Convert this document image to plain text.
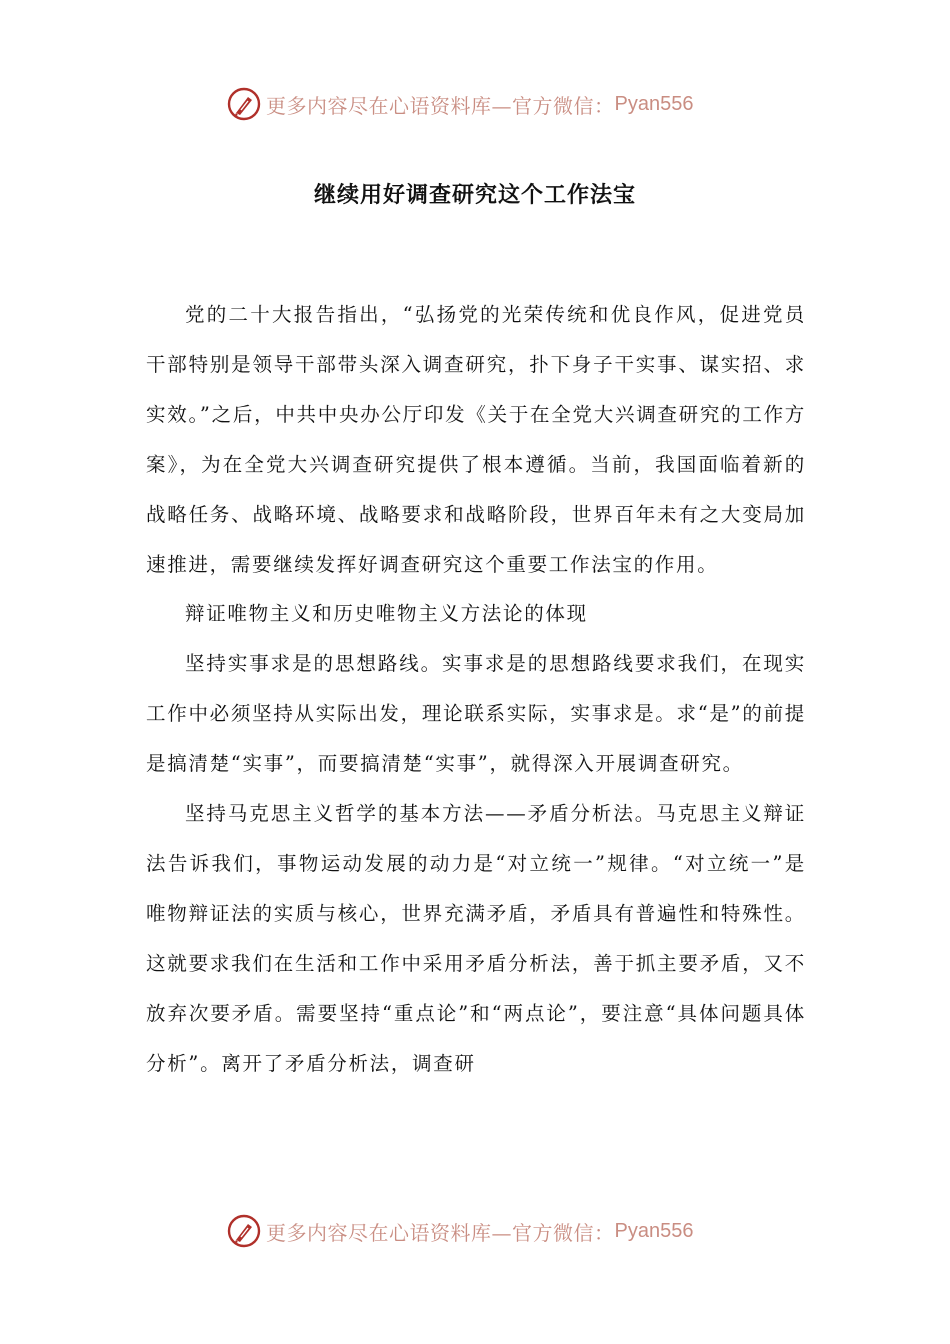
更多内容尽在心语资料库—官方微信： Pyan556
继续用好调查研究这个工作法宝

党的二十大报告指出，“弘扬党的光荣传统和优良作风，促进党员干部特别是领导干部带头深入调查研究，扑下身子干实事、谋实招、求实效。”之后，中共中央办公厅印发《关于在全党大兴调查研究的工作方案》，为在全党大兴调查研究提供了根本遵循。当前，我国面临着新的战略任务、战略环境、战略要求和战略阶段，世界百年未有之大变局加速推进，需要继续发挥好调查研究这个重要工作法宝的作用。

辩证唯物主义和历史唯物主义方法论的体现

坚持实事求是的思想路线。实事求是的思想路线要求我们，在现实工作中必须坚持从实际出发，理论联系实际，实事求是。求“是”的前提是搞清楚“实事”，而要搞清楚“实事”，就得深入开展调查研究。

坚持马克思主义哲学的基本方法——矛盾分析法。马克思主义辩证法告诉我们，事物运动发展的动力是“对立统一”规律。“对立统一”是唯物辩证法的实质与核心，世界充满矛盾，矛盾具有普遍性和特殊性。这就要求我们在生活和工作中采用矛盾分析法，善于抓主要矛盾，又不放弃次要矛盾。需要坚持“重点论”和“两点论”，要注意“具体问题具体分析”。离开了矛盾分析法，调查研

更多内容尽在心语资料库—官方微信： Pyan556
